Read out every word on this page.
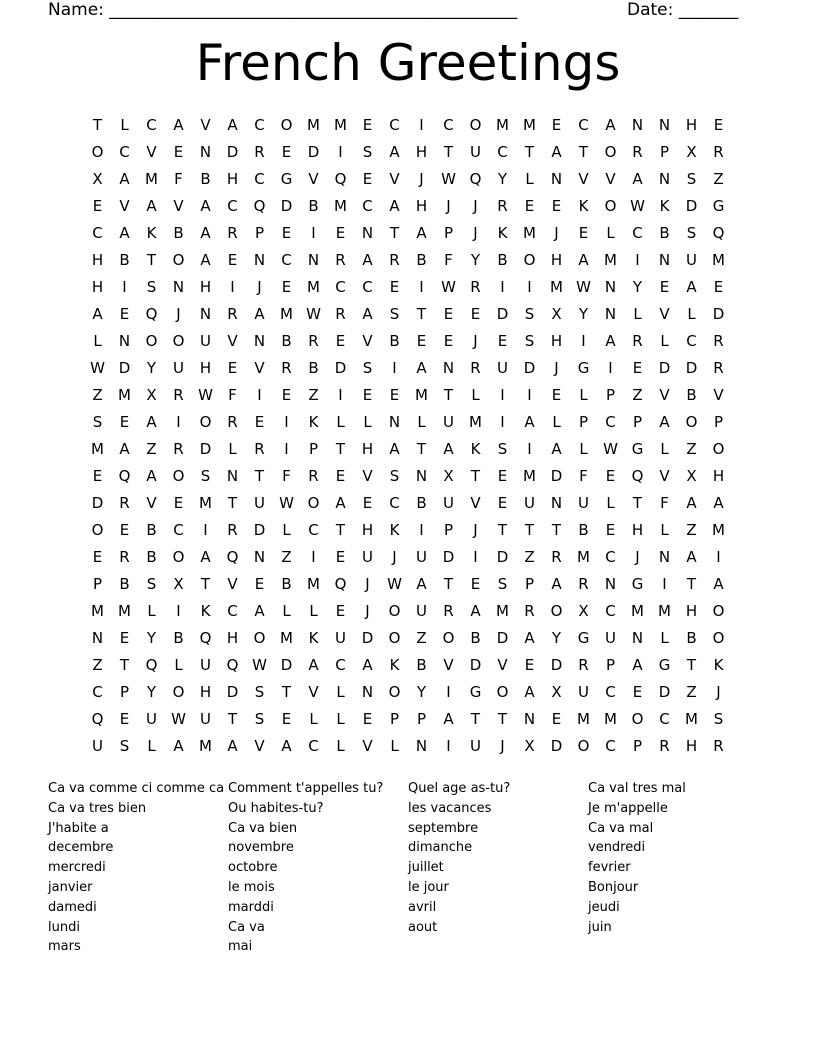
Name: ________________________________________________	Date: _______
French Greetings
T	L	C	A	V	A	C	O M M	E	C	I	C	O M M	E	C	A	N	N	H	E
O	C	V	E	N	D	R	E	D	I	S	A	H	T	U	C	T	A	T	O	R	P	X	R
X	A	M	F	B	H	C	G	V	Q	E	V	J	W Q	Y	L	N	V	V	A	N	S	Z
E	V	A	V	A	C	Q	D	B	M	C	A	H	J	J	R	E	E	K	O W K	D	G
C	A	K	B	A	R	P	E	I	E	N	T	A	P	J	K	M	J	E	L	C	B	S	Q
H	B	T	O	A	E	N	C	N	R	A	R	B	F	Y	B	O	H	A	M	I	N	U	M
H	I	S	N	H	I	J	E	M	C	C	E	I	W R	I	I	M W N	Y	E	A	E
A	E	Q	J	N	R	A	M W R	A	S	T	E	E	D	S	X	Y	N	L	V	L	D
L	N	O	O	U	V	N	B	R	E	V	B	E	E	J	E	S	H	I	A	R	L	C	R
W D	Y	U	H	E	V	R	B	D	S	I	A	N	R	U	D	J	G	I	E	D	D	R
Z	M	X	R W	F	I	E	Z	I	E	E	M	T	L	I	I	E	L	P	Z	V	B	V
S	E	A	I	O	R	E	I	K	L	L	N	L	U	M	I	A	L	P	C	P	A	O	P
M	A	Z	R	D	L	R	I	P	T	H	A	T	A	K	S	I	A	L	W G	L	Z	O
E	Q	A	O	S	N	T	F	R	E	V	S	N	X	T	E	M D	F	E	Q	V	X	H
D	R	V	E	M	T	U W O	A	E	C	B	U	V	E	U	N	U	L	T	F	A	A
O	E	B	C	I	R	D	L	C	T	H	K	I	P	J	T	T	T	B	E	H	L	Z	M
E	R	B	O	A	Q	N	Z	I	E	U	J	U	D	I	D	Z	R	M	C	J	N	A	I
P	B	S	X	T	V	E	B	M Q	J	W A	T	E	S	P	A	R	N	G	I	T	A
M M	L	I	K	C	A	L	L	E	J	O	U	R	A	M	R	O	X	C	M M H	O
N	E	Y	B	Q	H	O M	K	U	D	O	Z	O	B	D	A	Y	G	U	N	L	B	O
Z	T	Q	L	U	Q W D	A	C	A	K	B	V	D	V	E	D	R	P	A	G	T	K
C	P	Y	O	H	D	S	T	V	L	N	O	Y	I	G	O	A	X	U	C	E	D	Z	J
Q	E	U W U	T	S	E	L	L	E	P	P	A	T	T	N	E	M M O	C	M	S
U	S	L	A	M	A	V	A	C	L	V	L	N	I	U	J	X	D	O	C	P	R	H	R
Ca va comme ci comme ca
Ca va tres bien
J'habite a
decembre
mercredi
janvier
damedi
lundi
mars
Comment t'appelles tu?
Ou habites-tu?
Ca va bien
novembre
octobre
le mois
marddi
Ca va
mai
Quel age as-tu?
les vacances
septembre
dimanche
juillet
le jour
avril
aout
Ca val tres mal
Je m'appelle
Ca va mal
vendredi
fevrier
Bonjour
jeudi
juin
